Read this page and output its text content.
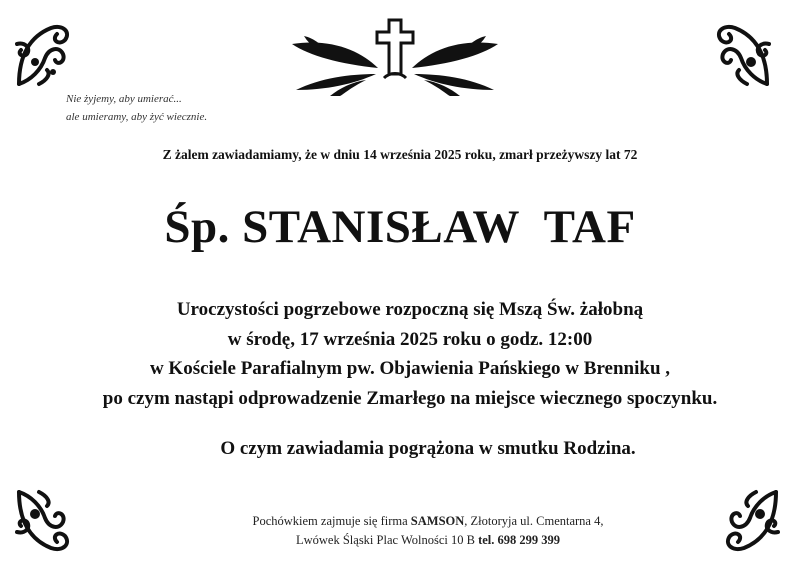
Nie żyjemy, aby umierać...
ale umieramy, aby żyć wiecznie.
Z żalem zawiadamiamy, że w dniu 14 września 2025 roku, zmarł przeżywszy lat 72
Śp. STANISŁAW TAF
Uroczystości pogrzebowe rozpoczną się Mszą Św. żałobną
w środę, 17 września 2025 roku o godz. 12:00
w Kościele Parafialnym pw. Objawienia Pańskiego w Brenniku ,
po czym nastąpi odprowadzenie Zmarłego na miejsce wiecznego spoczynku.
O czym zawiadamia pogrążona w smutku Rodzina.
Pochówkiem zajmuje się firma SAMSON, Złotoryja ul. Cmentarna 4,
Lwówek Śląski Plac Wolności 10 B tel. 698 299 399
